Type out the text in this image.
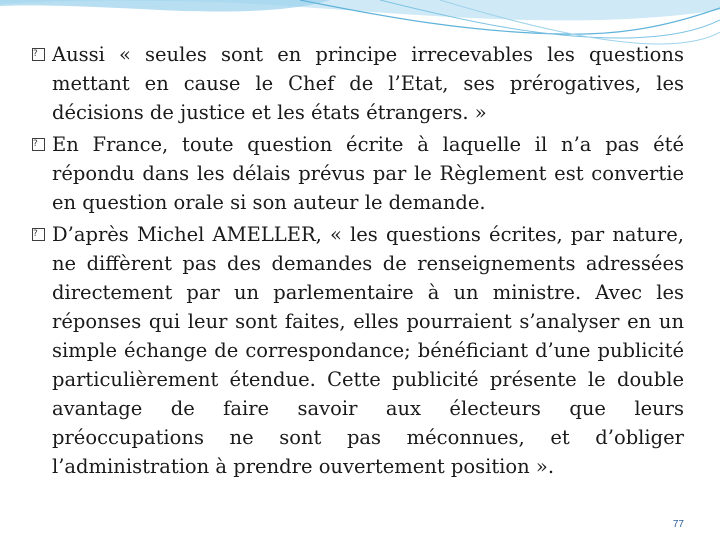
Aussi « seules sont en principe irrecevables les questions mettant en cause le Chef de l’Etat, ses prérogatives, les décisions de justice et les états étrangers. »

En France, toute question écrite à laquelle il n’a pas été répondu dans les délais prévus par le Règlement est convertie en question orale si son auteur le demande.

D’après Michel AMELLER, « les questions écrites, par nature, ne diffèrent pas des demandes de renseignements adressées directement par un parlementaire à un ministre. Avec les réponses qui leur sont faites, elles pourraient s’analyser en un simple échange de correspondance; bénéficiant d’une publicité particulièrement étendue. Cette publicité présente le double avantage de faire savoir aux électeurs que leurs préoccupations ne sont pas méconnues, et d’obliger l’administration à prendre ouvertement position ».

77
